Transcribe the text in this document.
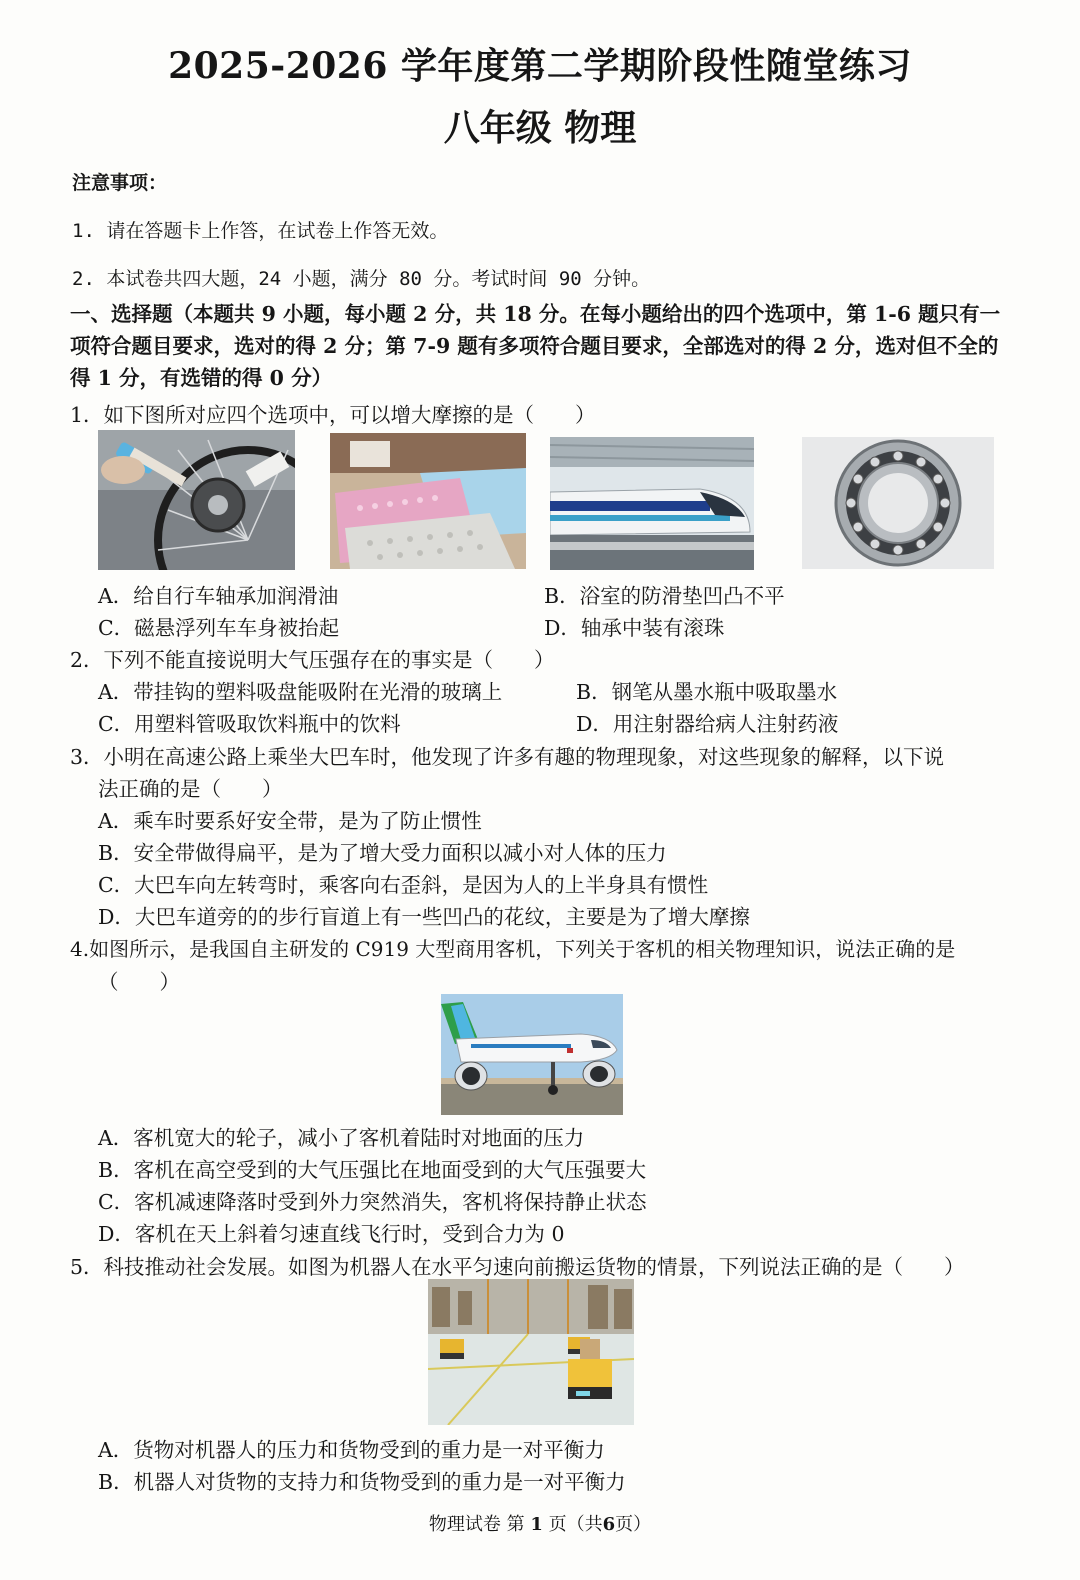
2025-2026 学年度第二学期阶段性随堂练习
八年级 物理
注意事项：
1. 请在答题卡上作答，在试卷上作答无效。
2. 本试卷共四大题，24 小题，满分 80 分。考试时间 90 分钟。
一、选择题（本题共 9 小题，每小题 2 分，共 18 分。在每小题给出的四个选项中，第 1-6 题只有一项符合题目要求，选对的得 2 分；第 7-9 题有多项符合题目要求，全部选对的得 2 分，选对但不全的得 1 分，有选错的得 0 分）
1．如下图所对应四个选项中，可以增大摩擦的是（　　）
A．给自行车轴承加润滑油	B．浴室的防滑垫凹凸不平
C．磁悬浮列车车身被抬起	D．轴承中装有滚珠
2．下列不能直接说明大气压强存在的事实是（　　）
A．带挂钩的塑料吸盘能吸附在光滑的玻璃上	B．钢笔从墨水瓶中吸取墨水
C．用塑料管吸取饮料瓶中的饮料	D．用注射器给病人注射药液
3．小明在高速公路上乘坐大巴车时，他发现了许多有趣的物理现象，对这些现象的解释，以下说
法正确的是（　　）
A．乘车时要系好安全带，是为了防止惯性
B．安全带做得扁平，是为了增大受力面积以减小对人体的压力
C．大巴车向左转弯时，乘客向右歪斜，是因为人的上半身具有惯性
D．大巴车道旁的的步行盲道上有一些凹凸的花纹，主要是为了增大摩擦
4.如图所示，是我国自主研发的 C919 大型商用客机，下列关于客机的相关物理知识，说法正确的是
（　　）
A．客机宽大的轮子，减小了客机着陆时对地面的压力
B．客机在高空受到的大气压强比在地面受到的大气压强要大
C．客机减速降落时受到外力突然消失，客机将保持静止状态
D．客机在天上斜着匀速直线飞行时，受到合力为 0
5．科技推动社会发展。如图为机器人在水平匀速向前搬运货物的情景，下列说法正确的是（　　）
A．货物对机器人的压力和货物受到的重力是一对平衡力
B．机器人对货物的支持力和货物受到的重力是一对平衡力
物理试卷 第 1 页（共6页）
